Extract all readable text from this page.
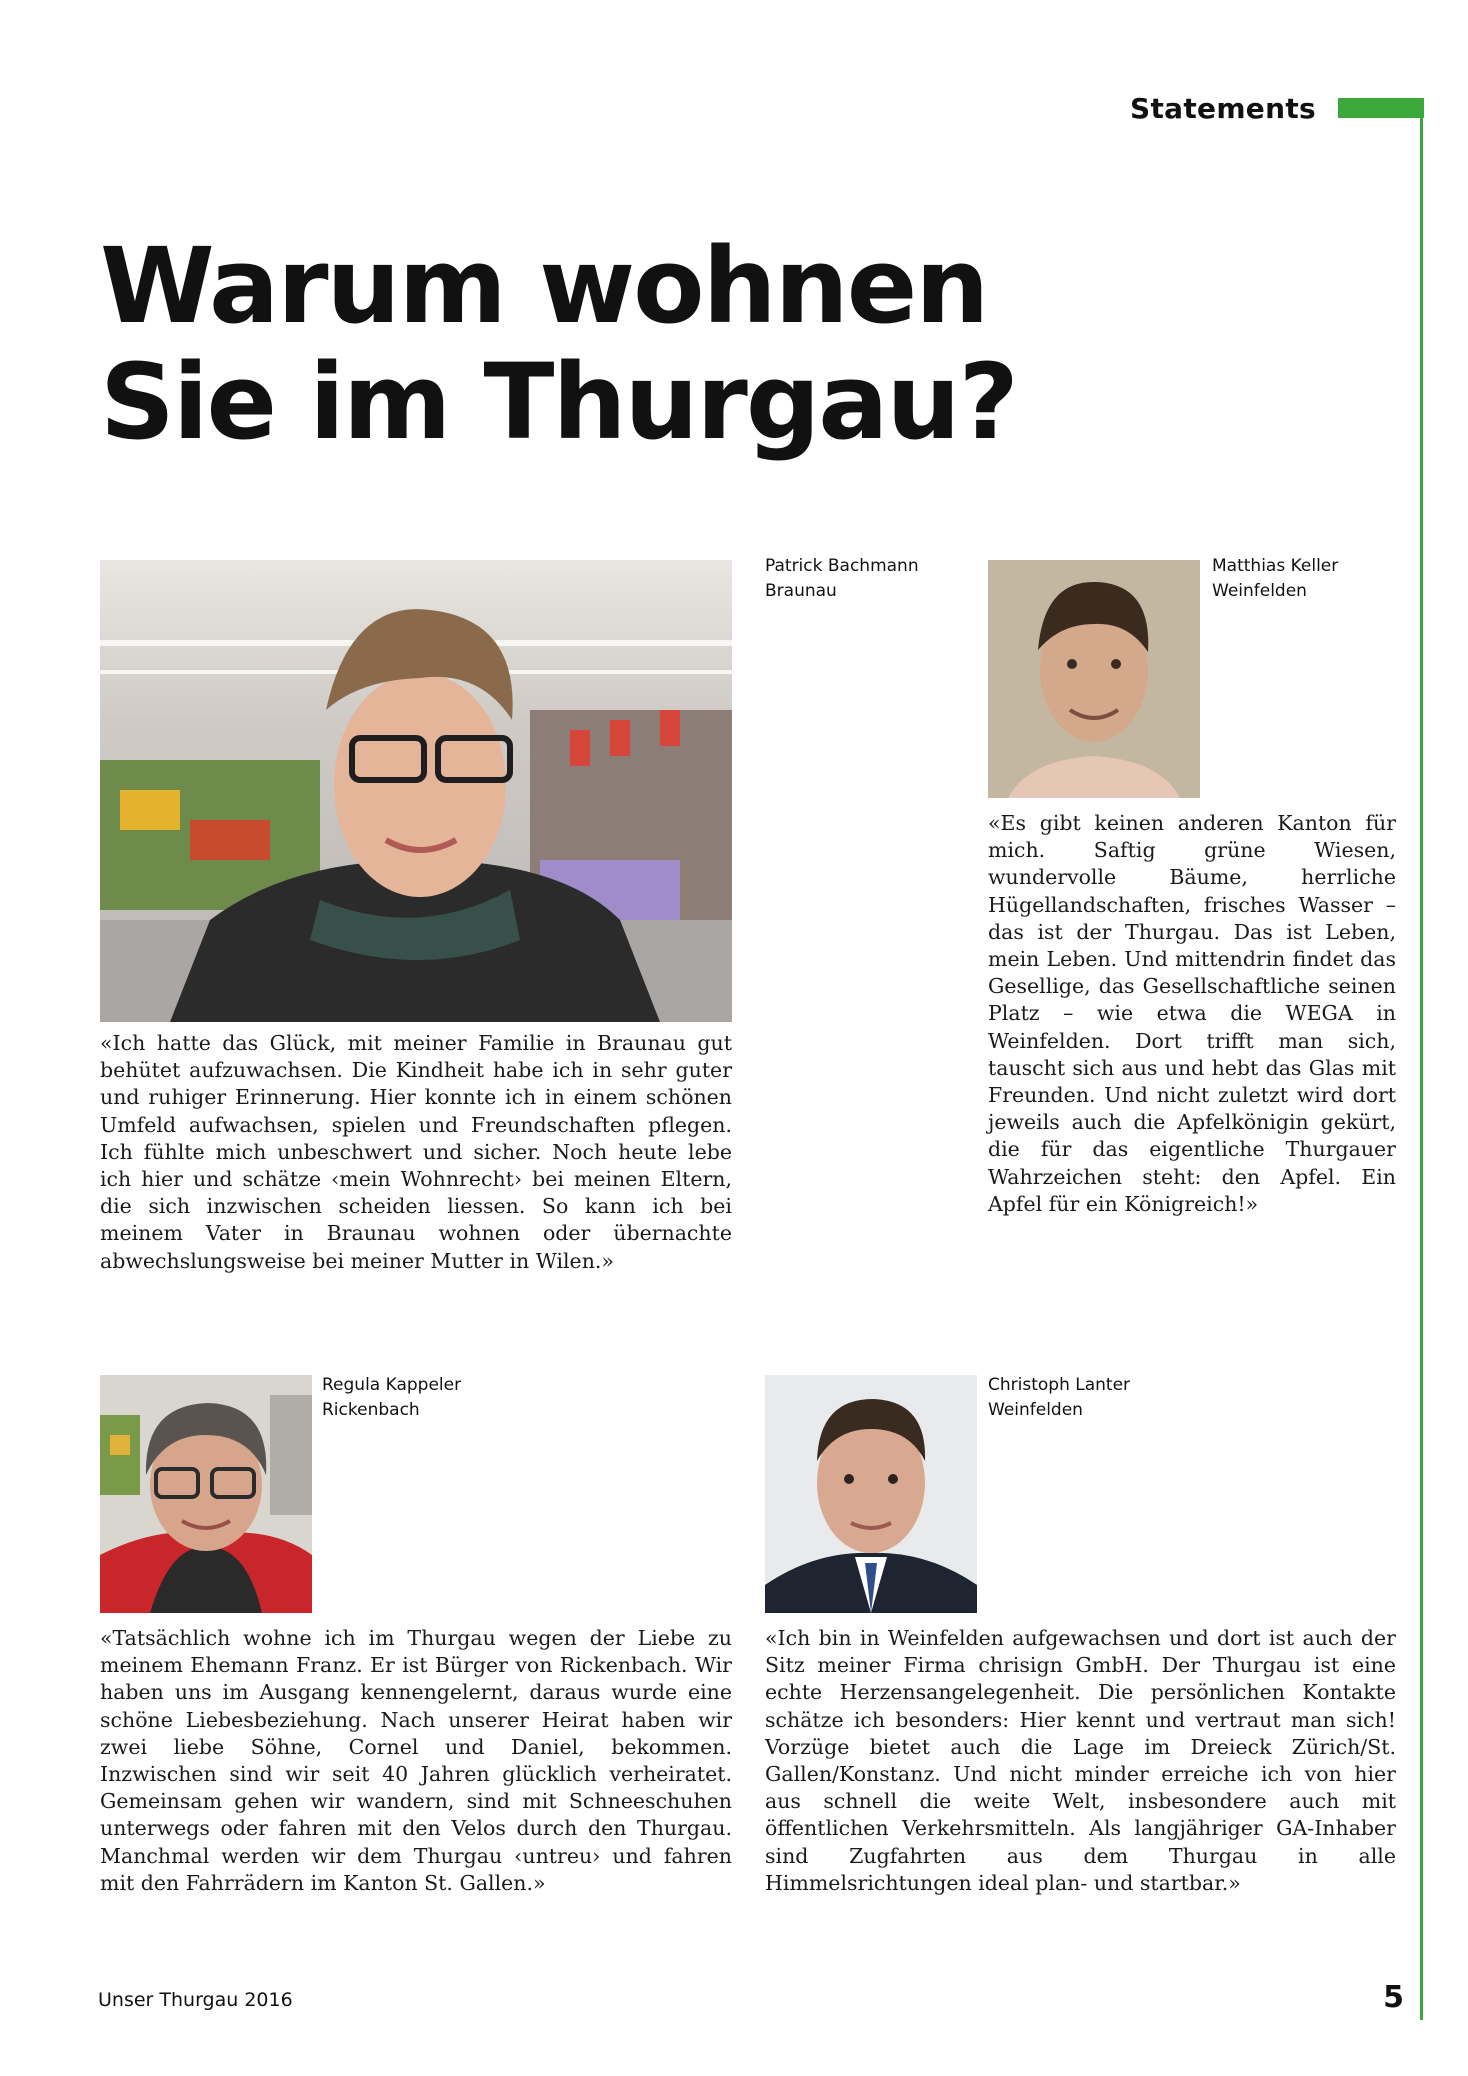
Statements
Warum wohnen
Sie im Thurgau?
Patrick Bachmann
Braunau

«Ich hatte das Glück, mit meiner Familie in Braunau gut behütet aufzuwachsen. Die Kindheit habe ich in sehr guter und ruhiger Erinnerung. Hier konnte ich in einem schönen Umfeld aufwachsen, spielen und Freundschaften pflegen. Ich fühlte mich unbeschwert und sicher. Noch heute lebe ich hier und schätze ‹mein Wohnrecht› bei meinen Eltern, die sich inzwischen scheiden liessen. So kann ich bei meinem Vater in Braunau wohnen oder übernachte abwechslungsweise bei meiner Mutter in Wilen.»

Matthias Keller
Weinfelden

«Es gibt keinen anderen Kanton für mich. Saftig grüne Wiesen, wundervolle Bäume, herrliche Hügellandschaften, frisches Wasser – das ist der Thurgau. Das ist Leben, mein Leben. Und mittendrin findet das Gesellige, das Gesellschaftliche seinen Platz – wie etwa die WEGA in Weinfelden. Dort trifft man sich, tauscht sich aus und hebt das Glas mit Freunden. Und nicht zuletzt wird dort jeweils auch die Apfelkönigin gekürt, die für das eigentliche Thurgauer Wahrzeichen steht: den Apfel. Ein Apfel für ein Königreich!»

Regula Kappeler
Rickenbach

«Tatsächlich wohne ich im Thurgau wegen der Liebe zu meinem Ehemann Franz. Er ist Bürger von Rickenbach. Wir haben uns im Ausgang kennengelernt, daraus wurde eine schöne Liebesbeziehung. Nach unserer Heirat haben wir zwei liebe Söhne, Cornel und Daniel, bekommen. Inzwischen sind wir seit 40 Jahren glücklich verheiratet. Gemeinsam gehen wir wandern, sind mit Schneeschuhen unterwegs oder fahren mit den Velos durch den Thurgau. Manchmal werden wir dem Thurgau ‹untreu› und fahren mit den Fahrrädern im Kanton St. Gallen.»

Christoph Lanter
Weinfelden

«Ich bin in Weinfelden aufgewachsen und dort ist auch der Sitz meiner Firma chrisign GmbH. Der Thurgau ist eine echte Herzensangelegenheit. Die persönlichen Kontakte schätze ich besonders: Hier kennt und vertraut man sich! Vorzüge bietet auch die Lage im Dreieck Zürich/St. Gallen/Konstanz. Und nicht minder erreiche ich von hier aus schnell die weite Welt, insbesondere auch mit öffentlichen Verkehrsmitteln. Als langjähriger GA-Inhaber sind Zugfahrten aus dem Thurgau in alle Himmelsrichtungen ideal plan- und startbar.»

Unser Thurgau 2016	5
